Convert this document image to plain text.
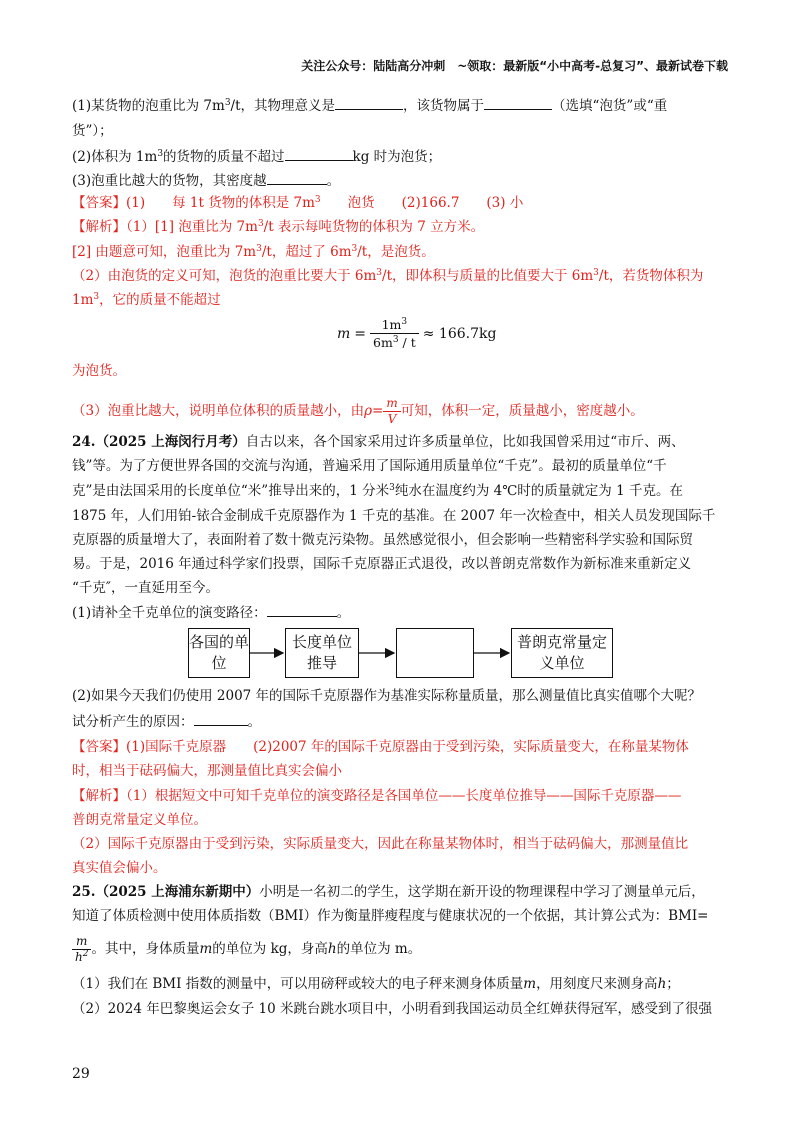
关注公众号：陆陆高分冲刺　~领取：最新版“小中高考-总复习”、最新试卷下载
(1)某货物的泡重比为 $7m^3/t$，其物理意义是	，该货物属于	（选填“泡货”或“重
货”）；
(2)体积为 $1m^3$的货物的质量不超过	kg 时为泡货；
(3)泡重比越大的货物，其密度越	。
【答案】(1)　　每 1t 货物的体积是 $7m^3$　　泡货　　(2)166.7　　(3) 小
【解析】（1）[1] 泡重比为 $7m^3/t$ 表示每吨货物的体积为 7 立方米。
[2] 由题意可知，泡重比为 $7m^3/t$，超过了 $6m^3/t$，是泡货。
（2）由泡货的定义可知，泡货的泡重比要大于 $6m^3/t$，即体积与质量的比值要大于 $6m^3/t$，若货物体积为
$1m^3$，它的质量不能超过
$m = \frac{1m^3}{6m^3 / t} \approx 166.7kg$
为泡货。
（3）泡重比越大，说明单位体积的质量越小，由$\rho= \frac{m}{V}$ 可知，体积一定，质量越小，密度越小。
24.（2025 上海闵行月考）自古以来，各个国家采用过许多质量单位，比如我国曾采用过“市斤、两、
钱”等。为了方便世界各国的交流与沟通，普遍采用了国际通用质量单位“千克”。最初的质量单位“千
克”是由法国采用的长度单位“米”推导出来的，1 分米$^3$纯水在温度约为 4℃时的质量就定为 1 千克。在
1875 年，人们用铂-铱合金制成千克原器作为 1 千克的基准。在 2007 年一次检查中，相关人员发现国际千
克原器的质量增大了，表面附着了数十微克污染物。虽然感觉很小，但会影响一些精密科学实验和国际贸
易。于是，2016 年通过科学家们投票，国际千克原器正式退役，改以普朗克常数作为新标准来重新定义
“千克″，一直延用至今。
(1)请补全千克单位的演变路径：	。
各国的单位
长度单位推导
普朗克常量定义单位
(2)如果今天我们仍使用 2007 年的国际千克原器作为基准实际称量质量，那么测量值比真实值哪个大呢？
试分析产生的原因：	。
【答案】(1)国际千克原器　　(2)2007 年的国际千克原器由于受到污染，实际质量变大，在称量某物体
时，相当于砝码偏大，那测量值比真实会偏小
【解析】（1）根据短文中可知千克单位的演变路径是各国单位——长度单位推导——国际千克原器——
普朗克常量定义单位。
（2）国际千克原器由于受到污染，实际质量变大，因此在称量某物体时，相当于砝码偏大，那测量值比
真实值会偏小。
25.（2025 上海浦东新期中）小明是一名初二的学生，这学期在新开设的物理课程中学习了测量单元后，
知道了体质检测中使用体质指数（BMI）作为衡量胖瘦程度与健康状况的一个依据，其计算公式为：BMI=
$\frac{m}{h^2}$ 。其中，身体质量m的单位为 kg，身高h的单位为 m。
（1）我们在 BMI 指数的测量中，可以用磅秤或较大的电子秤来测身体质量m，用刻度尺来测身高h；
（2）2024 年巴黎奥运会女子 10 米跳台跳水项目中，小明看到我国运动员全红婵获得冠军，感受到了很强
29
